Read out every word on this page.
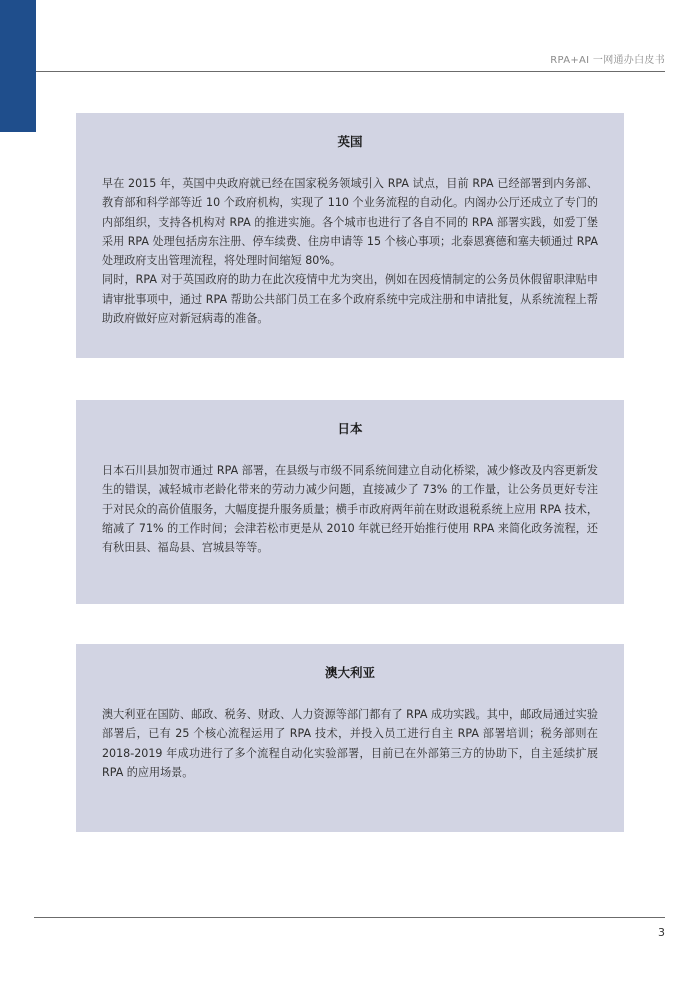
RPA+AI 一网通办白皮书
英国

早在 2015 年，英国中央政府就已经在国家税务领域引入 RPA 试点，目前 RPA 已经部署到内务部、教育部和科学部等近 10 个政府机构，实现了 110 个业务流程的自动化。内阁办公厅还成立了专门的内部组织，支持各机构对 RPA 的推进实施。各个城市也进行了各自不同的 RPA 部署实践，如爱丁堡采用 RPA 处理包括房东注册、停车续费、住房申请等 15 个核心事项；北泰恩赛德和塞夫顿通过 RPA 处理政府支出管理流程，将处理时间缩短 80%。

同时，RPA 对于英国政府的助力在此次疫情中尤为突出，例如在因疫情制定的公务员休假留职津贴申请审批事项中，通过 RPA 帮助公共部门员工在多个政府系统中完成注册和申请批复，从系统流程上帮助政府做好应对新冠病毒的准备。

日本

日本石川县加贺市通过 RPA 部署，在县级与市级不同系统间建立自动化桥梁，减少修改及内容更新发生的错误，减轻城市老龄化带来的劳动力减少问题，直接减少了 73% 的工作量，让公务员更好专注于对民众的高价值服务，大幅度提升服务质量；横手市政府两年前在财政退税系统上应用 RPA 技术，缩减了 71% 的工作时间；会津若松市更是从 2010 年就已经开始推行使用 RPA 来简化政务流程，还有秋田县、福岛县、宫城县等等。

澳大利亚

澳大利亚在国防、邮政、税务、财政、人力资源等部门都有了 RPA 成功实践。其中，邮政局通过实验部署后，已有 25 个核心流程运用了 RPA 技术，并投入员工进行自主 RPA 部署培训；税务部则在 2018-2019 年成功进行了多个流程自动化实验部署，目前已在外部第三方的协助下，自主延续扩展 RPA 的应用场景。

3
